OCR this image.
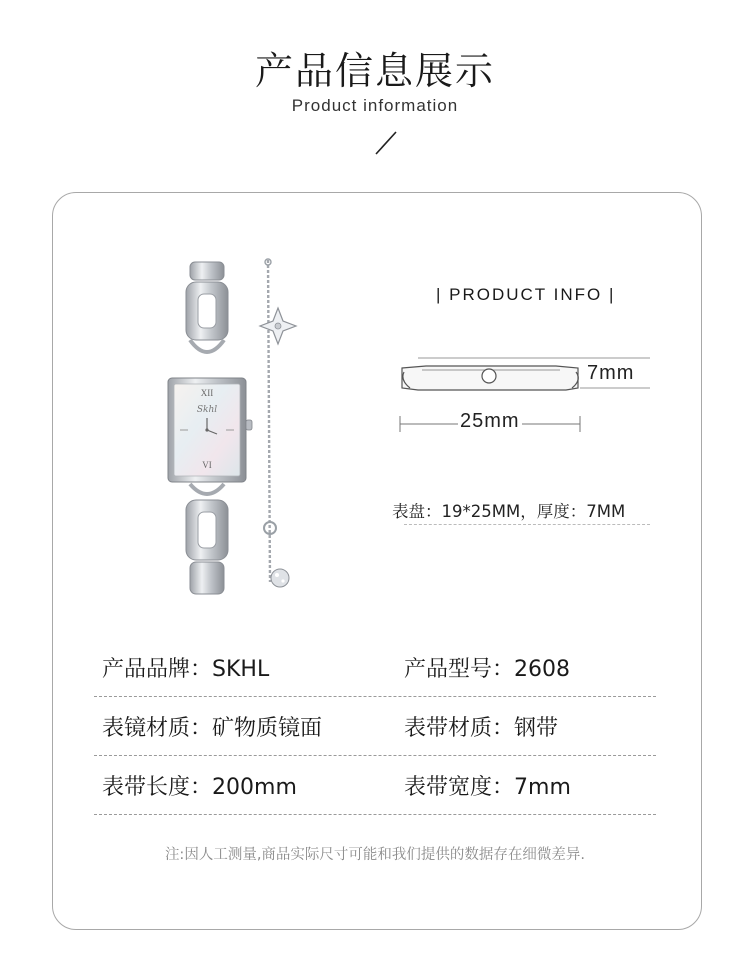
产品信息展示
Product information
XII
Skhl
VI
| PRODUCT INFO |
7mm
25mm
表盘：19*25MM，厚度：7MM
产品品牌：SKHL	产品型号：2608
表镜材质：矿物质镜面	表带材质：钢带
表带长度：200mm	表带宽度：7mm
注:因人工测量,商品实际尺寸可能和我们提供的数据存在细微差异.
